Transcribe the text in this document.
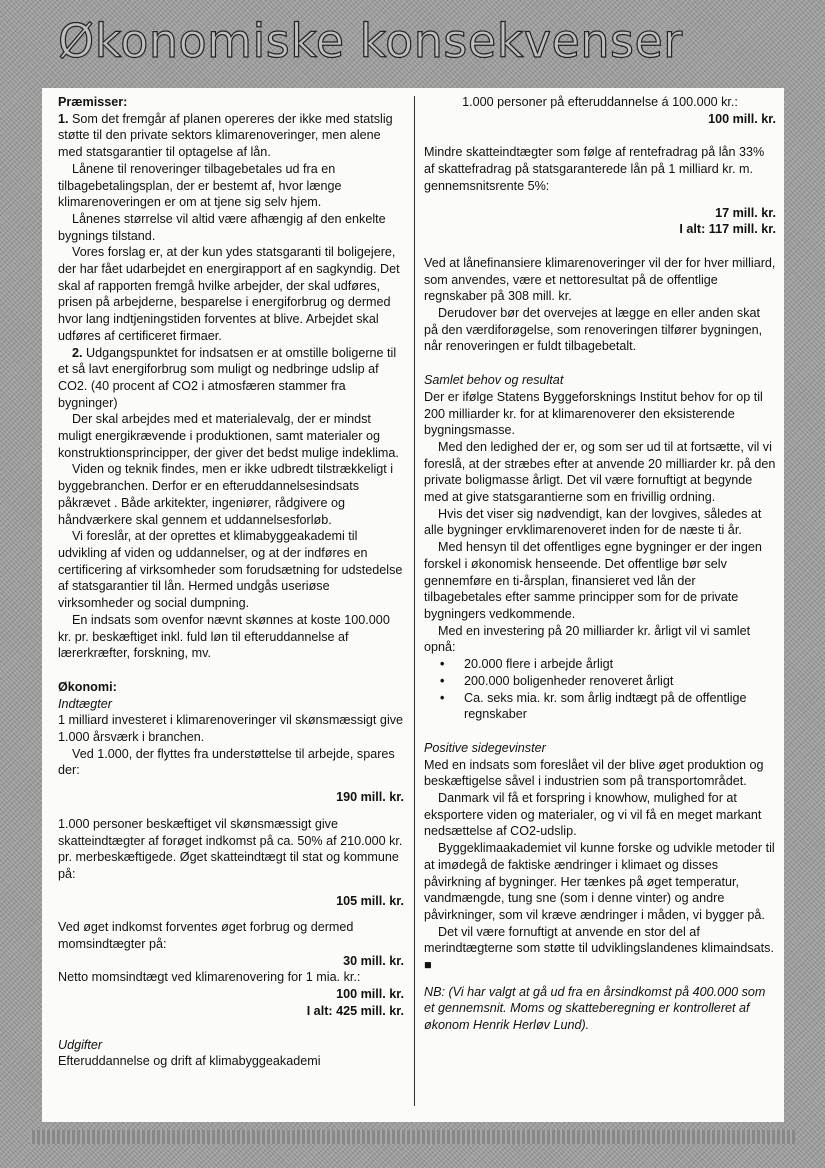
Økonomiske konsekvenser

Præmisser:

1. Som det fremgår af planen opereres der ikke med statslig støtte til den private sektors klimarenoveringer, men alene med statsgarantier til optagelse af lån.

Lånene til renoveringer tilbagebetales ud fra en tilbagebetalingsplan, der er bestemt af, hvor længe klimarenoveringen er om at tjene sig selv hjem.

Lånenes størrelse vil altid være afhængig af den enkelte bygnings tilstand.

Vores forslag er, at der kun ydes statsgaranti til boligejere, der har fået udarbejdet en energirapport af en sagkyndig. Det skal af rapporten fremgå hvilke arbejder, der skal udføres, prisen på arbejderne, besparelse i energiforbrug og dermed hvor lang indtjeningstiden forventes at blive. Arbejdet skal udføres af certificeret firmaer.

2. Udgangspunktet for indsatsen er at omstille boligerne til et så lavt energiforbrug som muligt og nedbringe udslip af CO2. (40 procent af CO2 i atmosfæren stammer fra bygninger)

Der skal arbejdes med et materialevalg, der er mindst muligt energikrævende i produktionen, samt materialer og konstruktionsprincipper, der giver det bedst mulige indeklima.

Viden og teknik findes, men er ikke udbredt tilstrækkeligt i byggebranchen. Derfor er en efteruddannelsesindsats påkrævet . Både arkitekter, ingeniører, rådgivere og håndværkere skal gennem et uddannelsesforløb.

Vi foreslår, at der oprettes et klimabyggeakademi til udvikling af viden og uddannelser, og at der indføres en certificering af virksomheder som forudsætning for udstedelse af statsgarantier til lån. Hermed undgås useriøse virksomheder og social dumpning.

En indsats som ovenfor nævnt skønnes at koste 100.000 kr. pr. beskæftiget inkl. fuld løn til efteruddannelse af lærerkræfter, forskning, mv.

Økonomi:

Indtægter

1 milliard investeret i klimarenoveringer vil skønsmæssigt give 1.000 årsværk i branchen.

Ved 1.000, der flyttes fra understøttelse til arbejde, spares der:

190 mill. kr.

1.000 personer beskæftiget vil skønsmæssigt give skatteindtægter af forøget indkomst på ca. 50% af 210.000 kr. pr. merbeskæftigede. Øget skatteindtægt til stat og kommune på:

105 mill. kr.

Ved øget indkomst forventes øget forbrug og dermed momsindtægter på:

30 mill. kr.

Netto momsindtægt ved klimarenovering for 1 mia. kr.:

100 mill. kr.

I alt: 425 mill. kr.

Udgifter

Efteruddannelse og drift af klimabyggeakademi

1.000 personer på efteruddannelse á 100.000 kr.:

100 mill. kr.

Mindre skatteindtægter som følge af rentefradrag på lån 33% af skattefradrag på statsgaranterede lån på 1 milliard kr. m. gennemsnitsrente 5%:

17 mill. kr.

I alt: 117 mill. kr.

Ved at lånefinansiere klimarenoveringer vil der for hver milliard, som anvendes, være et nettoresultat på de offentlige regnskaber på 308 mill. kr.

Derudover bør det overvejes at lægge en eller anden skat på den værdiforøgelse, som renoveringen tilfører bygningen, når renoveringen er fuldt tilbagebetalt.

Samlet behov og resultat

Der er ifølge Statens Byggeforsknings Institut behov for op til 200 milliarder kr. for at klimarenoverer den eksisterende bygningsmasse.

Med den ledighed der er, og som ser ud til at fortsætte, vil vi foreslå, at der stræbes efter at anvende 20 milliarder kr. på den private boligmasse årligt. Det vil være fornuftigt at begynde med at give statsgarantierne som en frivillig ordning.

Hvis det viser sig nødvendigt, kan der lovgives, således at alle bygninger ervklimarenoveret inden for de næste ti år.

Med hensyn til det offentliges egne bygninger er der ingen forskel i økonomisk henseende. Det offentlige bør selv gennemføre en ti-årsplan, finansieret ved lån der tilbagebetales efter samme principper som for de private bygningers vedkommende.

Med en investering på 20 milliarder kr. årligt vil vi samlet opnå:

• 20.000 flere i arbejde årligt
• 200.000 boligenheder renoveret årligt
• Ca. seks mia. kr. som årlig indtægt på de offentlige regnskaber

Positive sidegevinster

Med en indsats som foreslået vil der blive øget produktion og beskæftigelse såvel i industrien som på transportområdet.

Danmark vil få et forspring i knowhow, mulighed for at eksportere viden og materialer, og vi vil få en meget markant nedsættelse af CO2-udslip.

Byggeklimaakademiet vil kunne forske og udvikle metoder til at imødegå de faktiske ændringer i klimaet og disses påvirkning af bygninger. Her tænkes på øget temperatur, vandmængde, tung sne (som i denne vinter) og andre påvirkninger, som vil kræve ændringer i måden, vi bygger på.

Det vil være fornuftigt at anvende en stor del af merindtægterne som støtte til udviklingslandenes klimaindsats. ■

NB: (Vi har valgt at gå ud fra en årsindkomst på 400.000 som et gennemsnit. Moms og skatteberegning er kontrolleret af økonom Henrik Herløv Lund).
